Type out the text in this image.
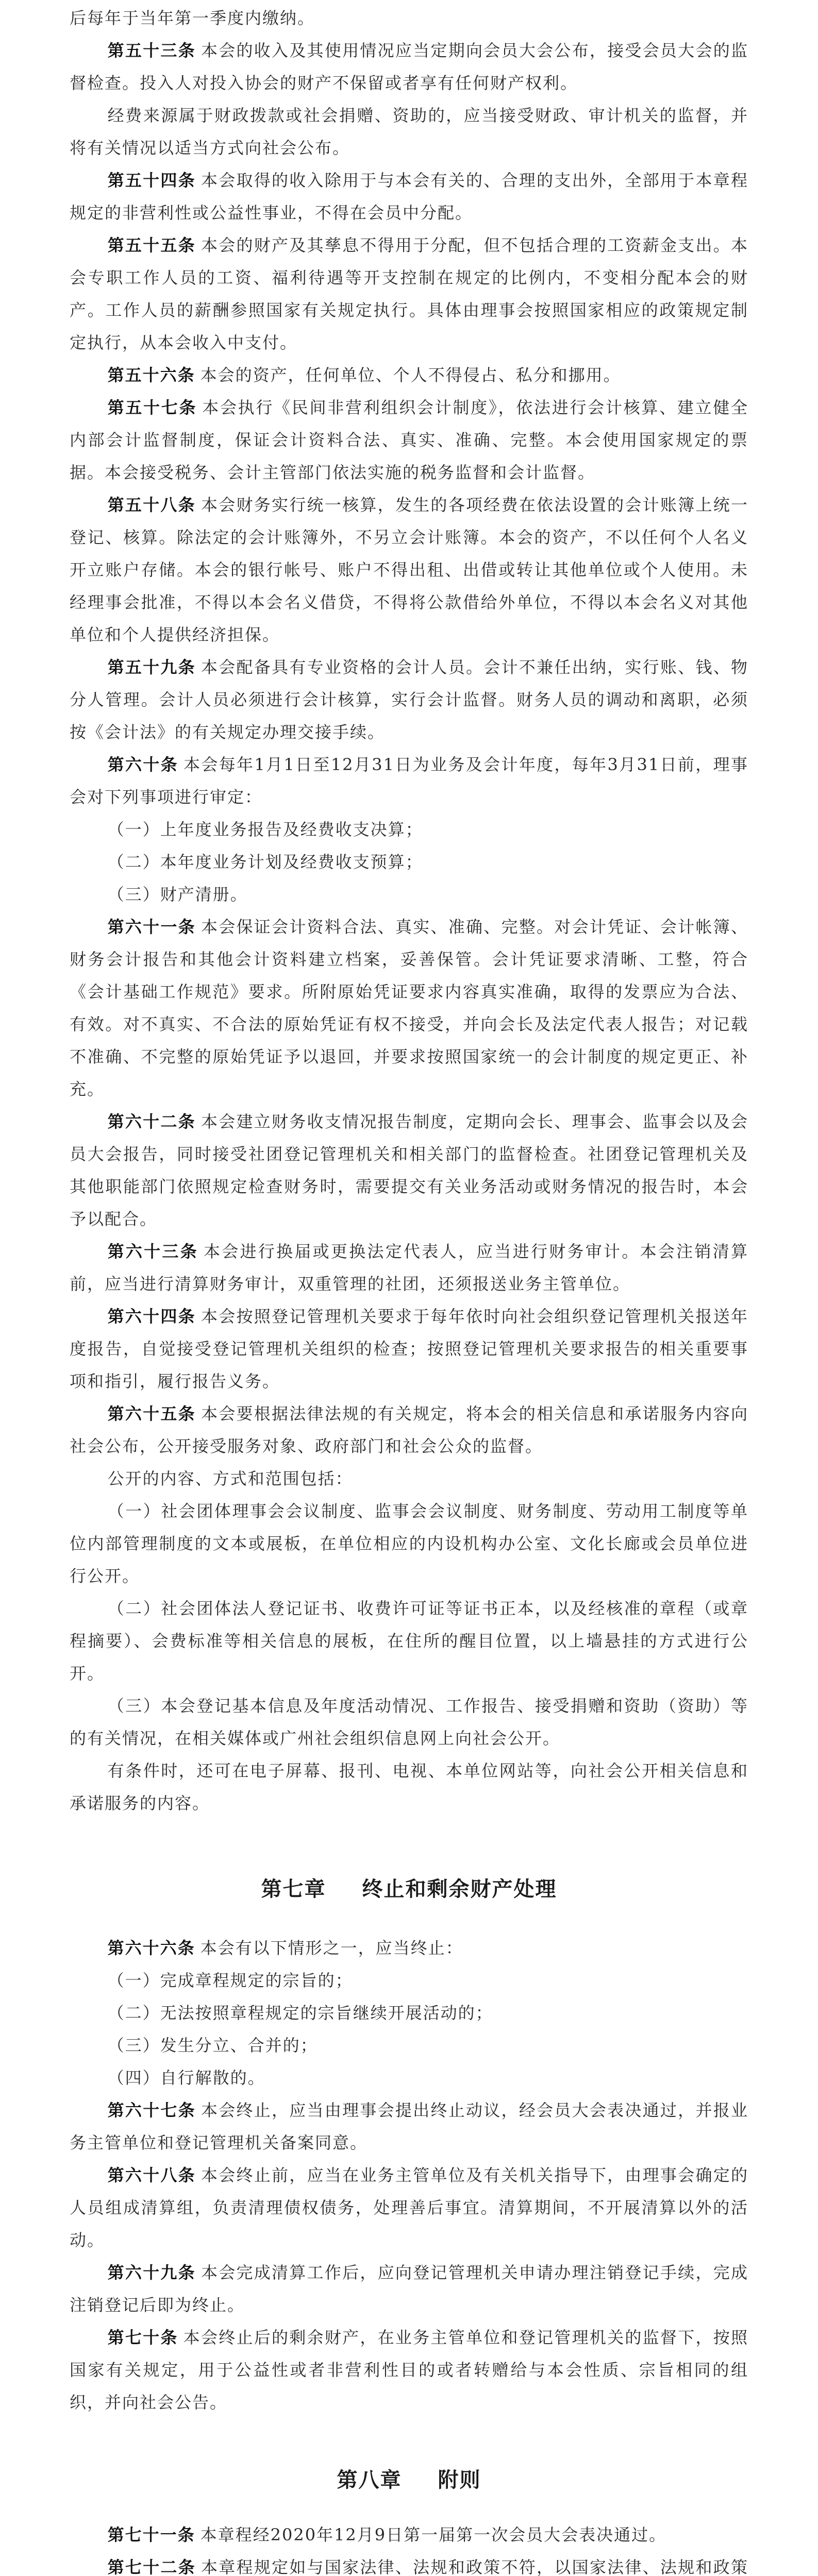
后每年于当年第一季度内缴纳。

第五十三条 本会的收入及其使用情况应当定期向会员大会公布，接受会员大会的监督检查。投入人对投入协会的财产不保留或者享有任何财产权利。

经费来源属于财政拨款或社会捐赠、资助的，应当接受财政、审计机关的监督，并将有关情况以适当方式向社会公布。

第五十四条 本会取得的收入除用于与本会有关的、合理的支出外，全部用于本章程规定的非营利性或公益性事业，不得在会员中分配。

第五十五条 本会的财产及其孳息不得用于分配，但不包括合理的工资薪金支出。本会专职工作人员的工资、福利待遇等开支控制在规定的比例内，不变相分配本会的财产。工作人员的薪酬参照国家有关规定执行。具体由理事会按照国家相应的政策规定制定执行，从本会收入中支付。

第五十六条 本会的资产，任何单位、个人不得侵占、私分和挪用。

第五十七条 本会执行《民间非营利组织会计制度》，依法进行会计核算、建立健全内部会计监督制度，保证会计资料合法、真实、准确、完整。本会使用国家规定的票据。本会接受税务、会计主管部门依法实施的税务监督和会计监督。

第五十八条 本会财务实行统一核算，发生的各项经费在依法设置的会计账簿上统一登记、核算。除法定的会计账簿外，不另立会计账簿。本会的资产，不以任何个人名义开立账户存储。本会的银行帐号、账户不得出租、出借或转让其他单位或个人使用。未经理事会批准，不得以本会名义借贷，不得将公款借给外单位，不得以本会名义对其他单位和个人提供经济担保。

第五十九条 本会配备具有专业资格的会计人员。会计不兼任出纳，实行账、钱、物分人管理。会计人员必须进行会计核算，实行会计监督。财务人员的调动和离职，必须按《会计法》的有关规定办理交接手续。

第六十条 本会每年1月1日至12月31日为业务及会计年度，每年3月31日前，理事会对下列事项进行审定：

（一）上年度业务报告及经费收支决算；

（二）本年度业务计划及经费收支预算；

（三）财产清册。

第六十一条 本会保证会计资料合法、真实、准确、完整。对会计凭证、会计帐簿、财务会计报告和其他会计资料建立档案，妥善保管。会计凭证要求清晰、工整，符合《会计基础工作规范》要求。所附原始凭证要求内容真实准确，取得的发票应为合法、有效。对不真实、不合法的原始凭证有权不接受，并向会长及法定代表人报告；对记载不准确、不完整的原始凭证予以退回，并要求按照国家统一的会计制度的规定更正、补充。

第六十二条 本会建立财务收支情况报告制度，定期向会长、理事会、监事会以及会员大会报告，同时接受社团登记管理机关和相关部门的监督检查。社团登记管理机关及其他职能部门依照规定检查财务时，需要提交有关业务活动或财务情况的报告时，本会予以配合。

第六十三条 本会进行换届或更换法定代表人，应当进行财务审计。本会注销清算前，应当进行清算财务审计，双重管理的社团，还须报送业务主管单位。

第六十四条 本会按照登记管理机关要求于每年依时向社会组织登记管理机关报送年度报告，自觉接受登记管理机关组织的检查；按照登记管理机关要求报告的相关重要事项和指引，履行报告义务。

第六十五条 本会要根据法律法规的有关规定，将本会的相关信息和承诺服务内容向社会公布，公开接受服务对象、政府部门和社会公众的监督。

公开的内容、方式和范围包括：

（一）社会团体理事会会议制度、监事会会议制度、财务制度、劳动用工制度等单位内部管理制度的文本或展板，在单位相应的内设机构办公室、文化长廊或会员单位进行公开。

（二）社会团体法人登记证书、收费许可证等证书正本，以及经核准的章程（或章程摘要）、会费标准等相关信息的展板，在住所的醒目位置，以上墙悬挂的方式进行公开。

（三）本会登记基本信息及年度活动情况、工作报告、接受捐赠和资助（资助）等的有关情况，在相关媒体或广州社会组织信息网上向社会公开。

有条件时，还可在电子屏幕、报刊、电视、本单位网站等，向社会公开相关信息和承诺服务的内容。

第七章 终止和剩余财产处理

第六十六条 本会有以下情形之一，应当终止：

（一）完成章程规定的宗旨的；

（二）无法按照章程规定的宗旨继续开展活动的；

（三）发生分立、合并的；

（四）自行解散的。

第六十七条 本会终止，应当由理事会提出终止动议，经会员大会表决通过，并报业务主管单位和登记管理机关备案同意。

第六十八条 本会终止前，应当在业务主管单位及有关机关指导下，由理事会确定的人员组成清算组，负责清理债权债务，处理善后事宜。清算期间，不开展清算以外的活动。

第六十九条 本会完成清算工作后，应向登记管理机关申请办理注销登记手续，完成注销登记后即为终止。

第七十条 本会终止后的剩余财产，在业务主管单位和登记管理机关的监督下，按照国家有关规定，用于公益性或者非营利性目的或者转赠给与本会性质、宗旨相同的组织，并向社会公告。

第八章 附则

第七十一条 本章程经2020年12月9日第一届第一次会员大会表决通过。

第七十二条 本章程规定如与国家法律、法规和政策不符，以国家法律、法规和政策
